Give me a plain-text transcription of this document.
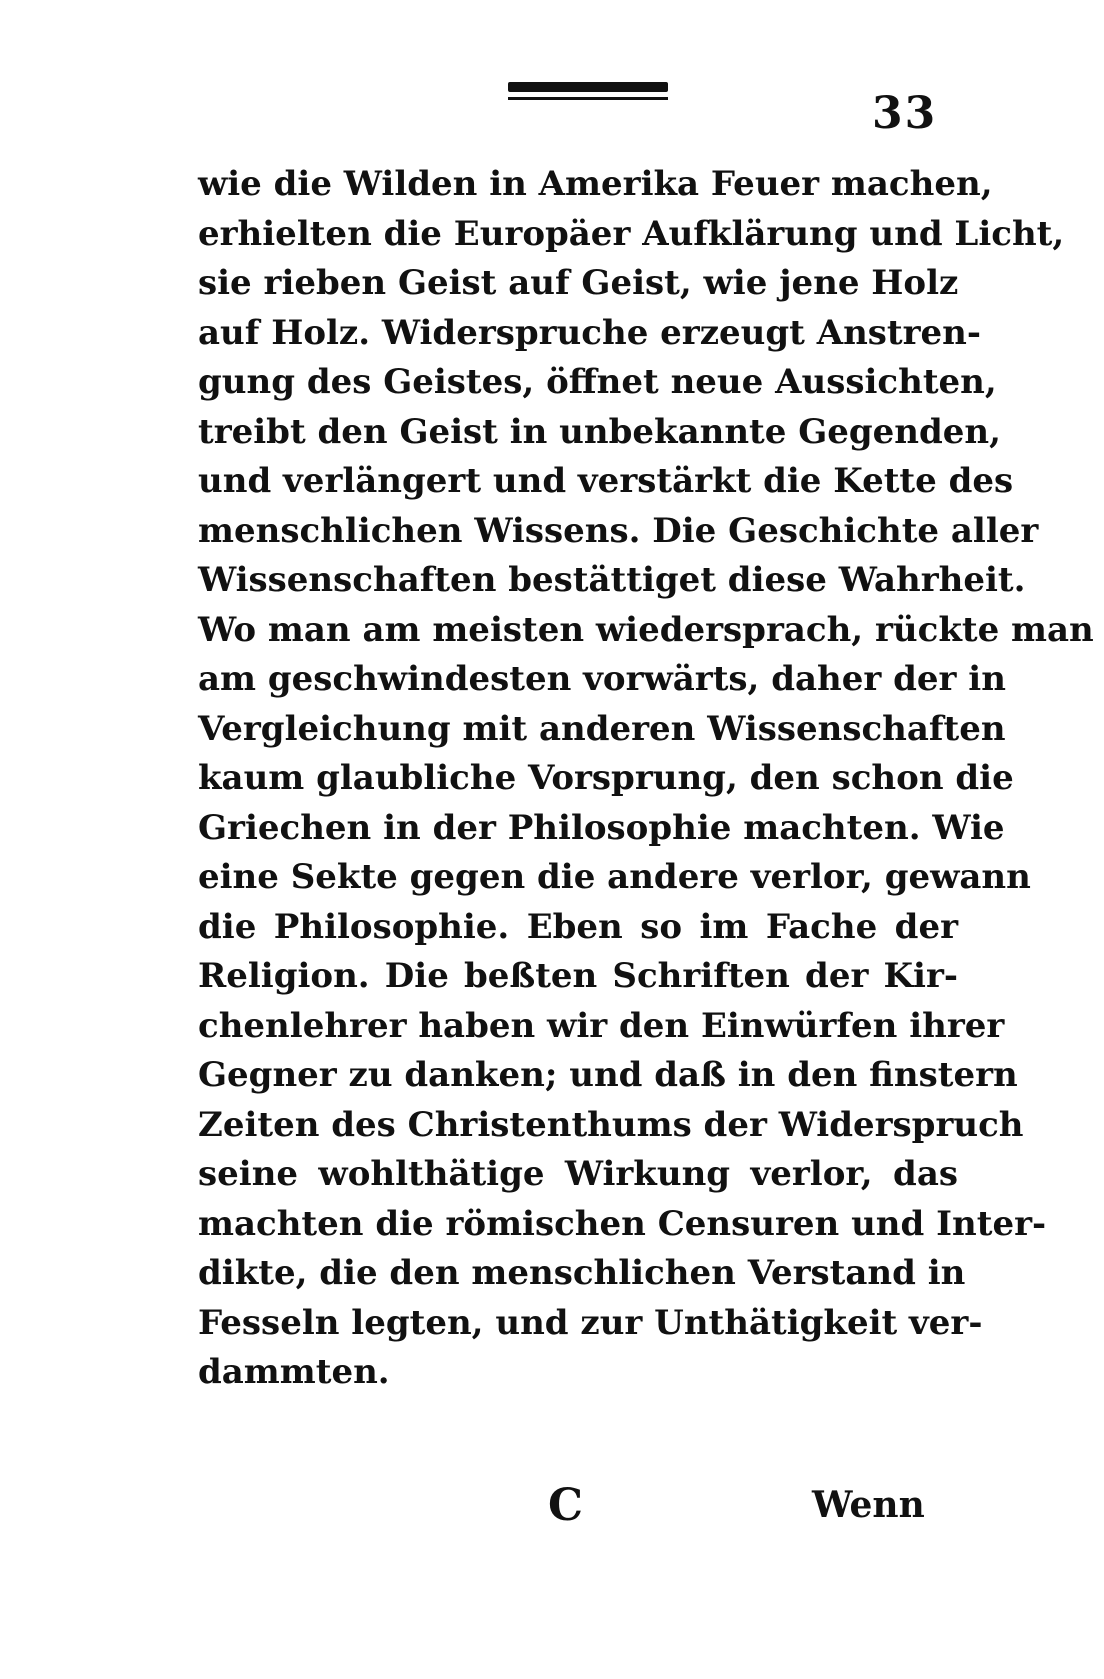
33
wie die Wilden in Amerika Feuer machen,
erhielten die Europäer Aufklärung und Licht,
sie rieben Geist auf Geist, wie jene Holz
auf Holz. Widerspruche erzeugt Anstren-
gung des Geistes, öffnet neue Aussichten,
treibt den Geist in unbekannte Gegenden,
und verlängert und verstärkt die Kette des
menschlichen Wissens. Die Geschichte aller
Wissenschaften bestättiget diese Wahrheit.
Wo man am meisten wiedersprach, rückte man
am geschwindesten vorwärts, daher der in
Vergleichung mit anderen Wissenschaften
kaum glaubliche Vorsprung, den schon die
Griechen in der Philosophie machten. Wie
eine Sekte gegen die andere verlor, gewann
die Philosophie. Eben so im Fache der
Religion. Die beßten Schriften der Kir-
chenlehrer haben wir den Einwürfen ihrer
Gegner zu danken; und daß in den finstern
Zeiten des Christenthums der Widerspruch
seine wohlthätige Wirkung verlor, das
machten die römischen Censuren und Inter-
dikte, die den menschlichen Verstand in
Fesseln legten, und zur Unthätigkeit ver-
dammten.
C	Wenn
